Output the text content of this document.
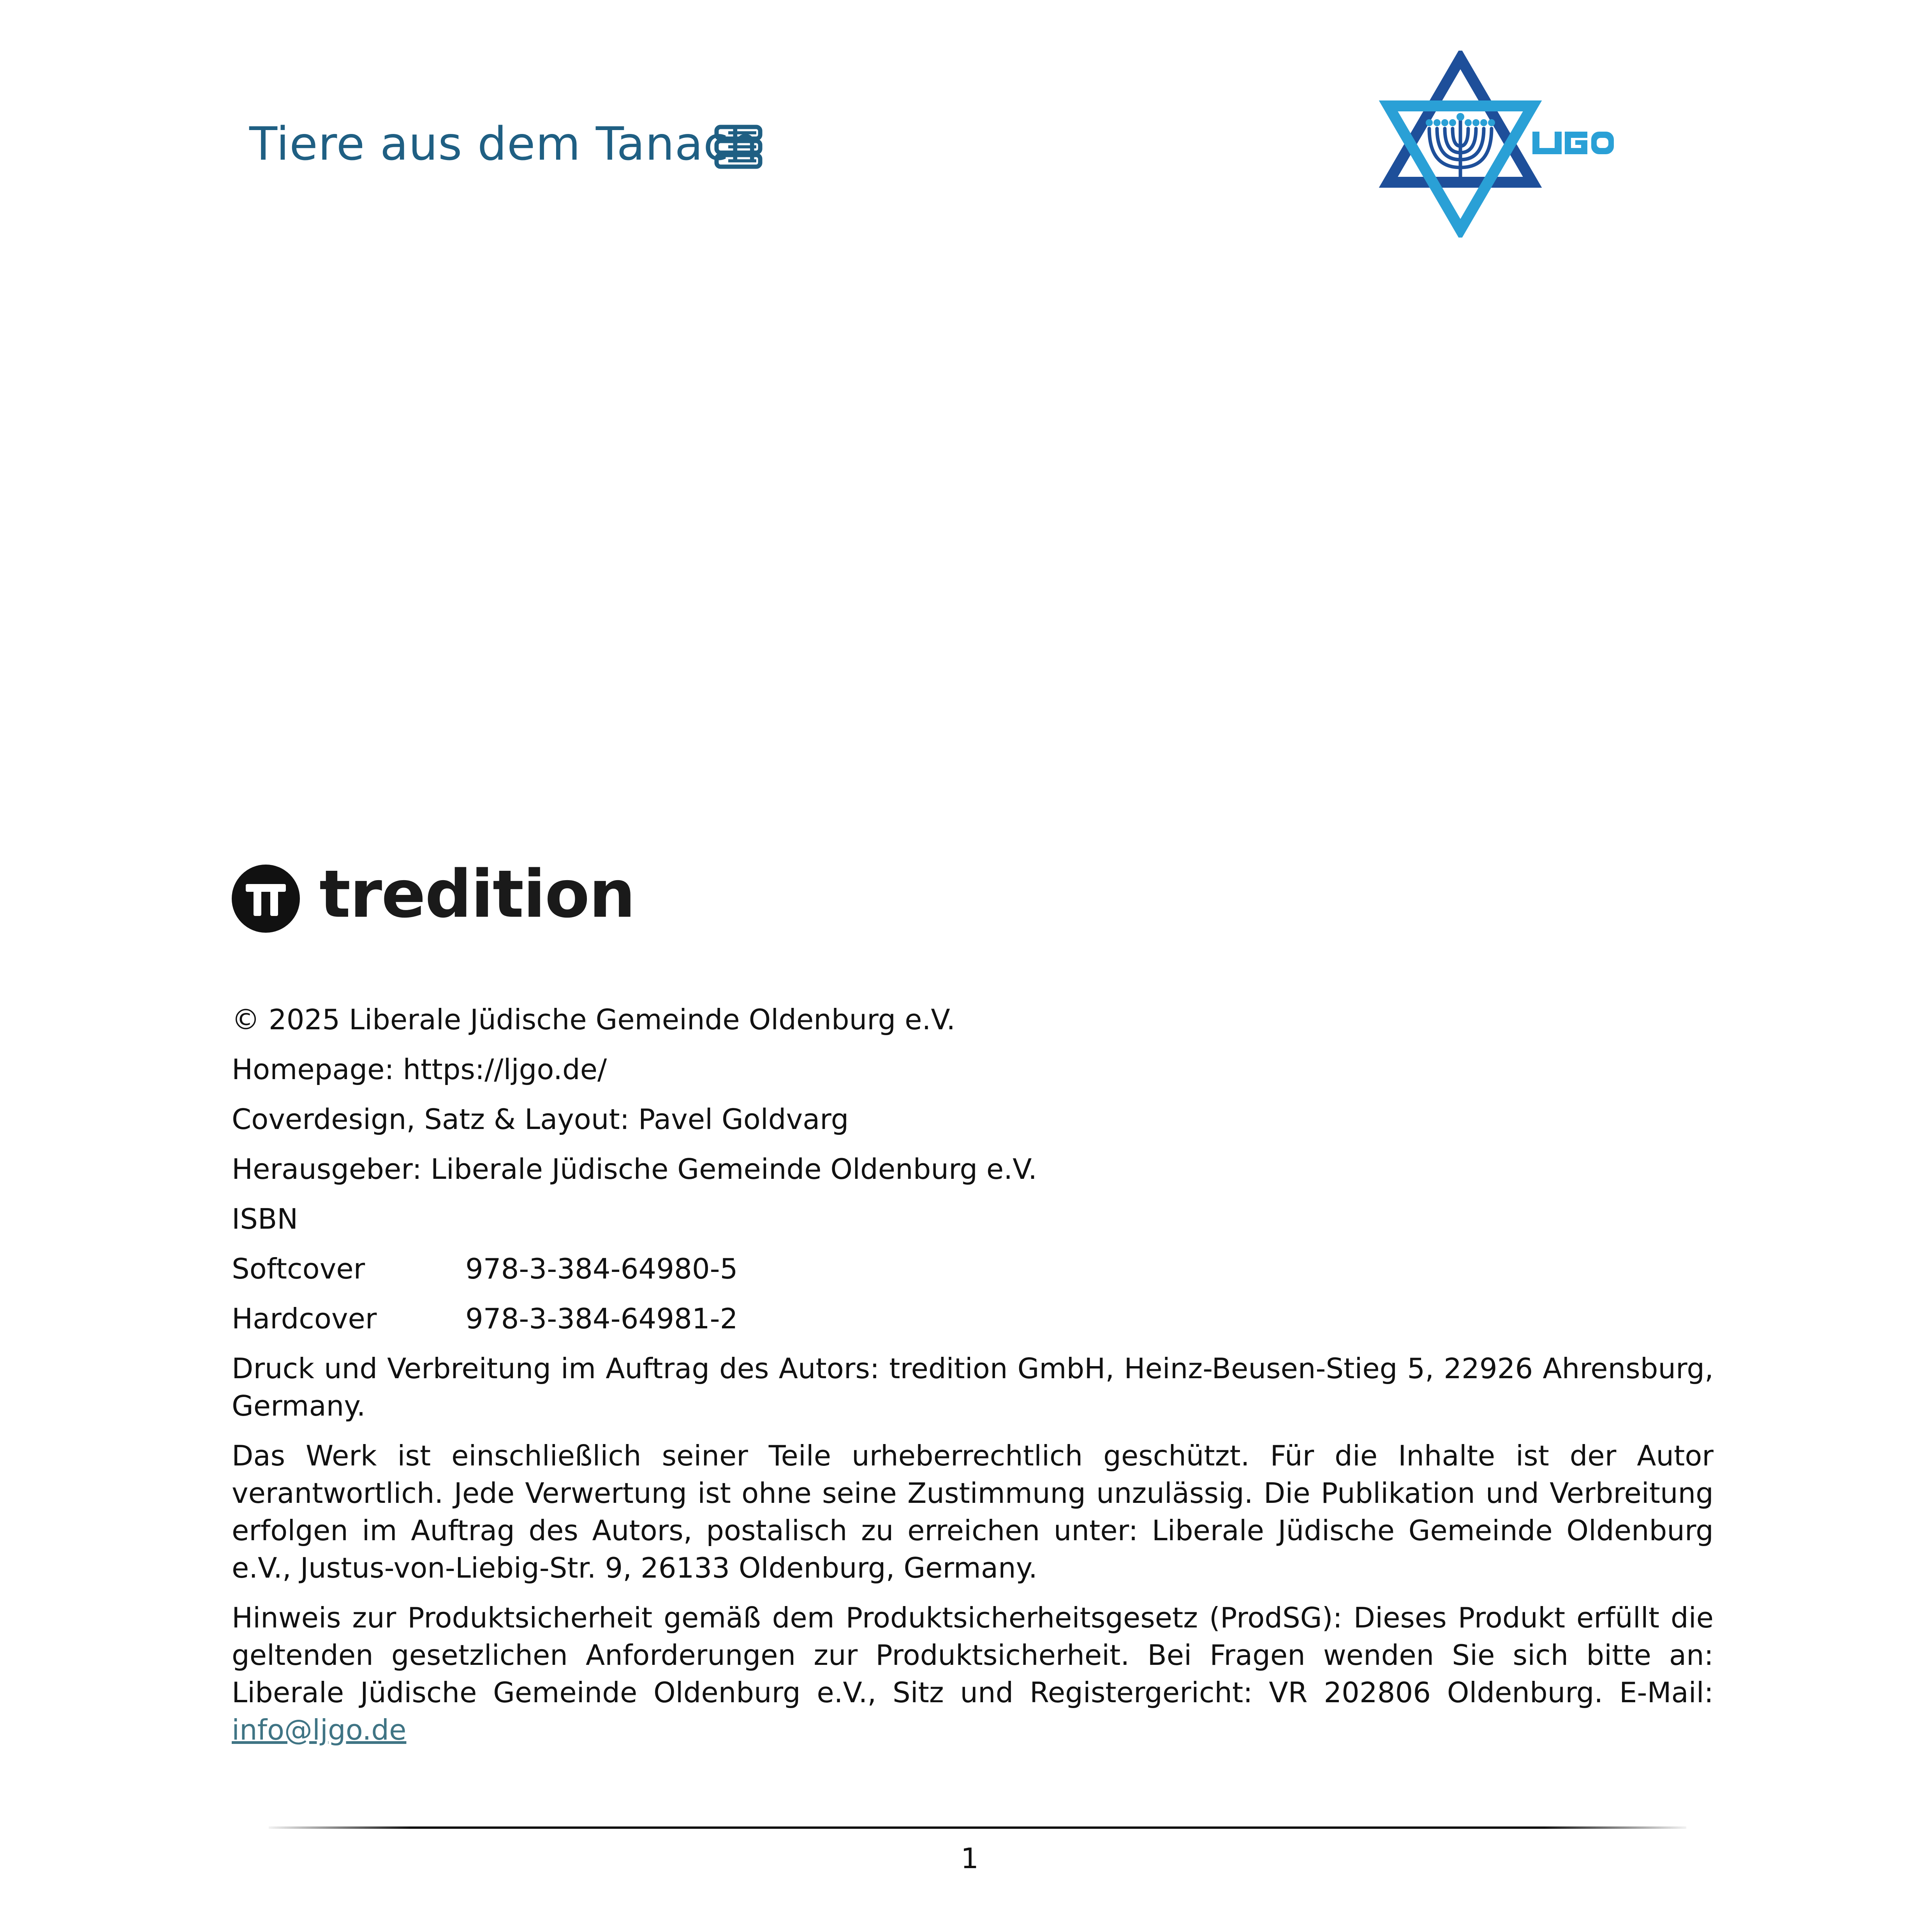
Tiere aus dem Tanach
tredition
© 2025 Liberale Jüdische Gemeinde Oldenburg e.V.
Homepage: https://ljgo.de/
Coverdesign, Satz & Layout: Pavel Goldvarg
Herausgeber: Liberale Jüdische Gemeinde Oldenburg e.V.
ISBN
Softcover	978-3-384-64980-5
Hardcover	978-3-384-64981-2
Druck und Verbreitung im Auftrag des Autors: tredition GmbH, Heinz-Beusen-Stieg 5, 22926 Ahrensburg, Germany.
Das Werk ist einschließlich seiner Teile urheberrechtlich geschützt. Für die Inhalte ist der Autor verantwortlich. Jede Verwertung ist ohne seine Zustimmung unzulässig. Die Publikation und Verbreitung erfolgen im Auftrag des Autors, postalisch zu erreichen unter: Liberale Jüdische Gemeinde Oldenburg e.V., Justus-von-Liebig-Str. 9, 26133 Oldenburg, Germany.
Hinweis zur Produktsicherheit gemäß dem Produktsicherheitsgesetz (ProdSG): Dieses Produkt erfüllt die geltenden gesetzlichen Anforderungen zur Produktsicherheit. Bei Fragen wenden Sie sich bitte an: Liberale Jüdische Gemeinde Oldenburg e.V., Sitz und Registergericht: VR 202806 Oldenburg. E-Mail: info@ljgo.de
1
